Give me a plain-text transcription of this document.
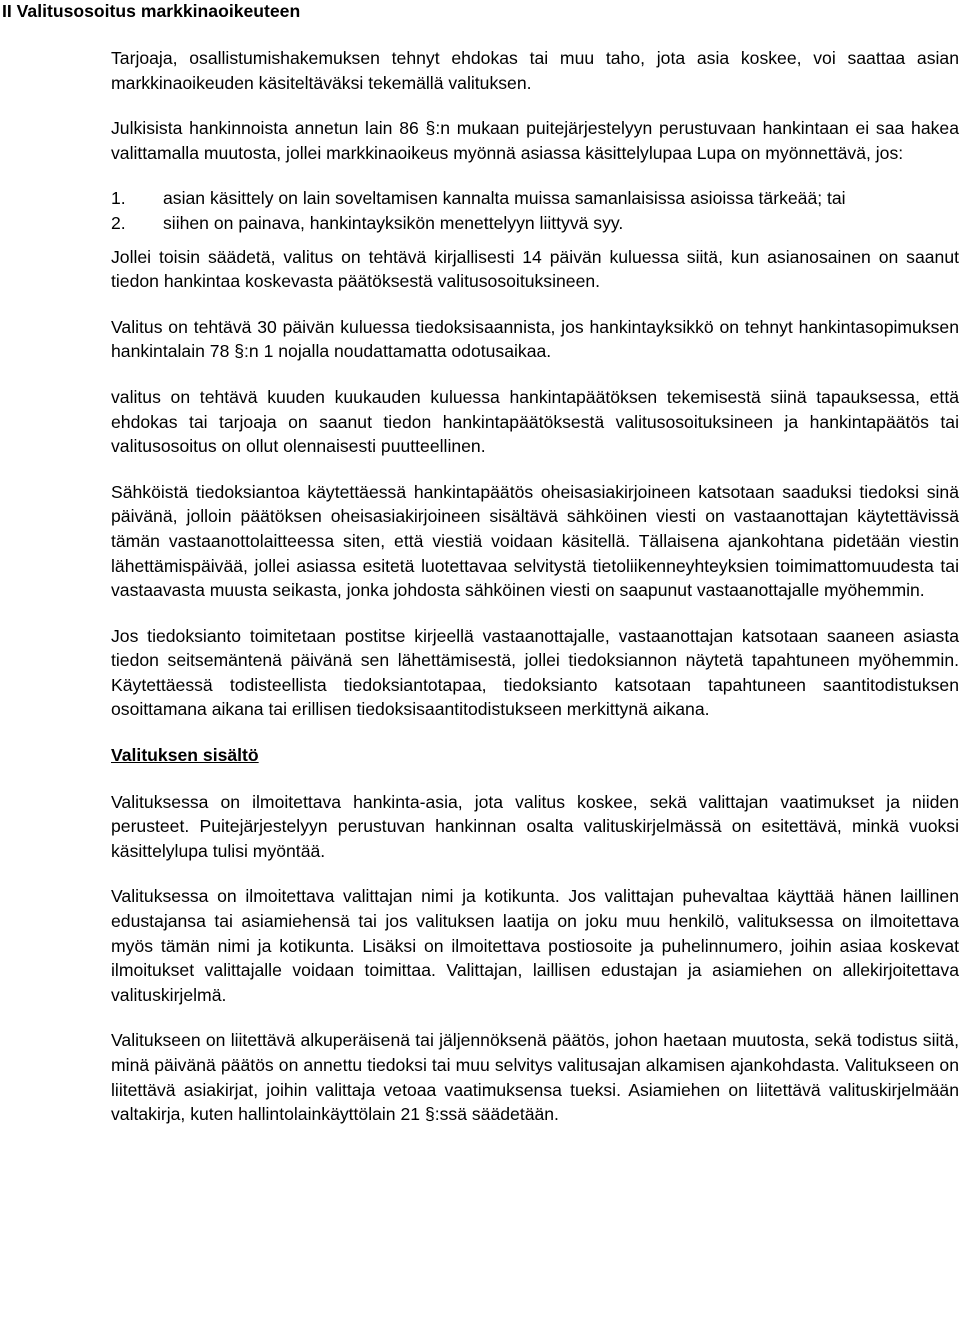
II Valitusosoitus markkinaoikeuteen

Tarjoaja, osallistumishakemuksen tehnyt ehdokas tai muu taho, jota asia koskee, voi saattaa asian markkinaoikeuden käsiteltäväksi tekemällä valituksen.

Julkisista hankinnoista annetun lain 86 §:n mukaan puitejärjestelyyn perustuvaan hankintaan ei saa hakea valittamalla muutosta, jollei markkinaoikeus myönnä asiassa käsittelylupaa Lupa on myönnettävä, jos:

1.	asian käsittely on lain soveltamisen kannalta muissa samanlaisissa asioissa tärkeää; tai
2.	siihen on painava, hankintayksikön menettelyyn liittyvä syy.

Jollei toisin säädetä, valitus on tehtävä kirjallisesti 14 päivän kuluessa siitä, kun asianosainen on saanut tiedon hankintaa koskevasta päätöksestä valitusosoituksineen.

Valitus on tehtävä 30 päivän kuluessa tiedoksisaannista, jos hankintayksikkö on tehnyt hankintasopimuksen hankintalain 78 §:n 1 nojalla noudattamatta odotusaikaa.

valitus on tehtävä kuuden kuukauden kuluessa hankintapäätöksen tekemisestä siinä tapauksessa, että ehdokas tai tarjoaja on saanut tiedon hankintapäätöksestä valitusosoituksineen ja hankintapäätös tai valitusosoitus on ollut olennaisesti puutteellinen.

Sähköistä tiedoksiantoa käytettäessä hankintapäätös oheisasiakirjoineen katsotaan saaduksi tiedoksi sinä päivänä, jolloin päätöksen oheisasiakirjoineen sisältävä sähköinen viesti on vastaanottajan käytettävissä tämän vastaanottolaitteessa siten, että viestiä voidaan käsitellä. Tällaisena ajankohtana pidetään viestin lähettämispäivää, jollei asiassa esitetä luotettavaa selvitystä tietoliikenneyhteyksien toimimattomuudesta tai vastaavasta muusta seikasta, jonka johdosta sähköinen viesti on saapunut vastaanottajalle myöhemmin.

Jos tiedoksianto toimitetaan postitse kirjeellä vastaanottajalle, vastaanottajan katsotaan saaneen asiasta tiedon seitsemäntenä päivänä sen lähettämisestä, jollei tiedoksiannon näytetä tapahtuneen myöhemmin. Käytettäessä todisteellista tiedoksiantotapaa, tiedoksianto katsotaan tapahtuneen saantitodistuksen osoittamana aikana tai erillisen tiedoksisaantitodistukseen merkittynä aikana.

Valituksen sisältö

Valituksessa on ilmoitettava hankinta-asia, jota valitus koskee, sekä valittajan vaatimukset ja niiden perusteet. Puitejärjestelyyn perustuvan hankinnan osalta valituskirjelmässä on esitettävä, minkä vuoksi käsittelylupa tulisi myöntää.

Valituksessa on ilmoitettava valittajan nimi ja kotikunta. Jos valittajan puhevaltaa käyttää hänen laillinen edustajansa tai asiamiehensä tai jos valituksen laatija on joku muu henkilö, valituksessa on ilmoitettava myös tämän nimi ja kotikunta. Lisäksi on ilmoitettava postiosoite ja puhelinnumero, joihin asiaa koskevat ilmoitukset valittajalle voidaan toimittaa. Valittajan, laillisen edustajan ja asiamiehen on allekirjoitettava valituskirjelmä.

Valitukseen on liitettävä alkuperäisenä tai jäljennöksenä päätös, johon haetaan muutosta, sekä todistus siitä, minä päivänä päätös on annettu tiedoksi tai muu selvitys valitusajan alkamisen ajankohdasta. Valitukseen on liitettävä asiakirjat, joihin valittaja vetoaa vaatimuksensa tueksi. Asiamiehen on liitettävä valituskirjelmään valtakirja, kuten hallintolainkäyttölain 21 §:ssä säädetään.
